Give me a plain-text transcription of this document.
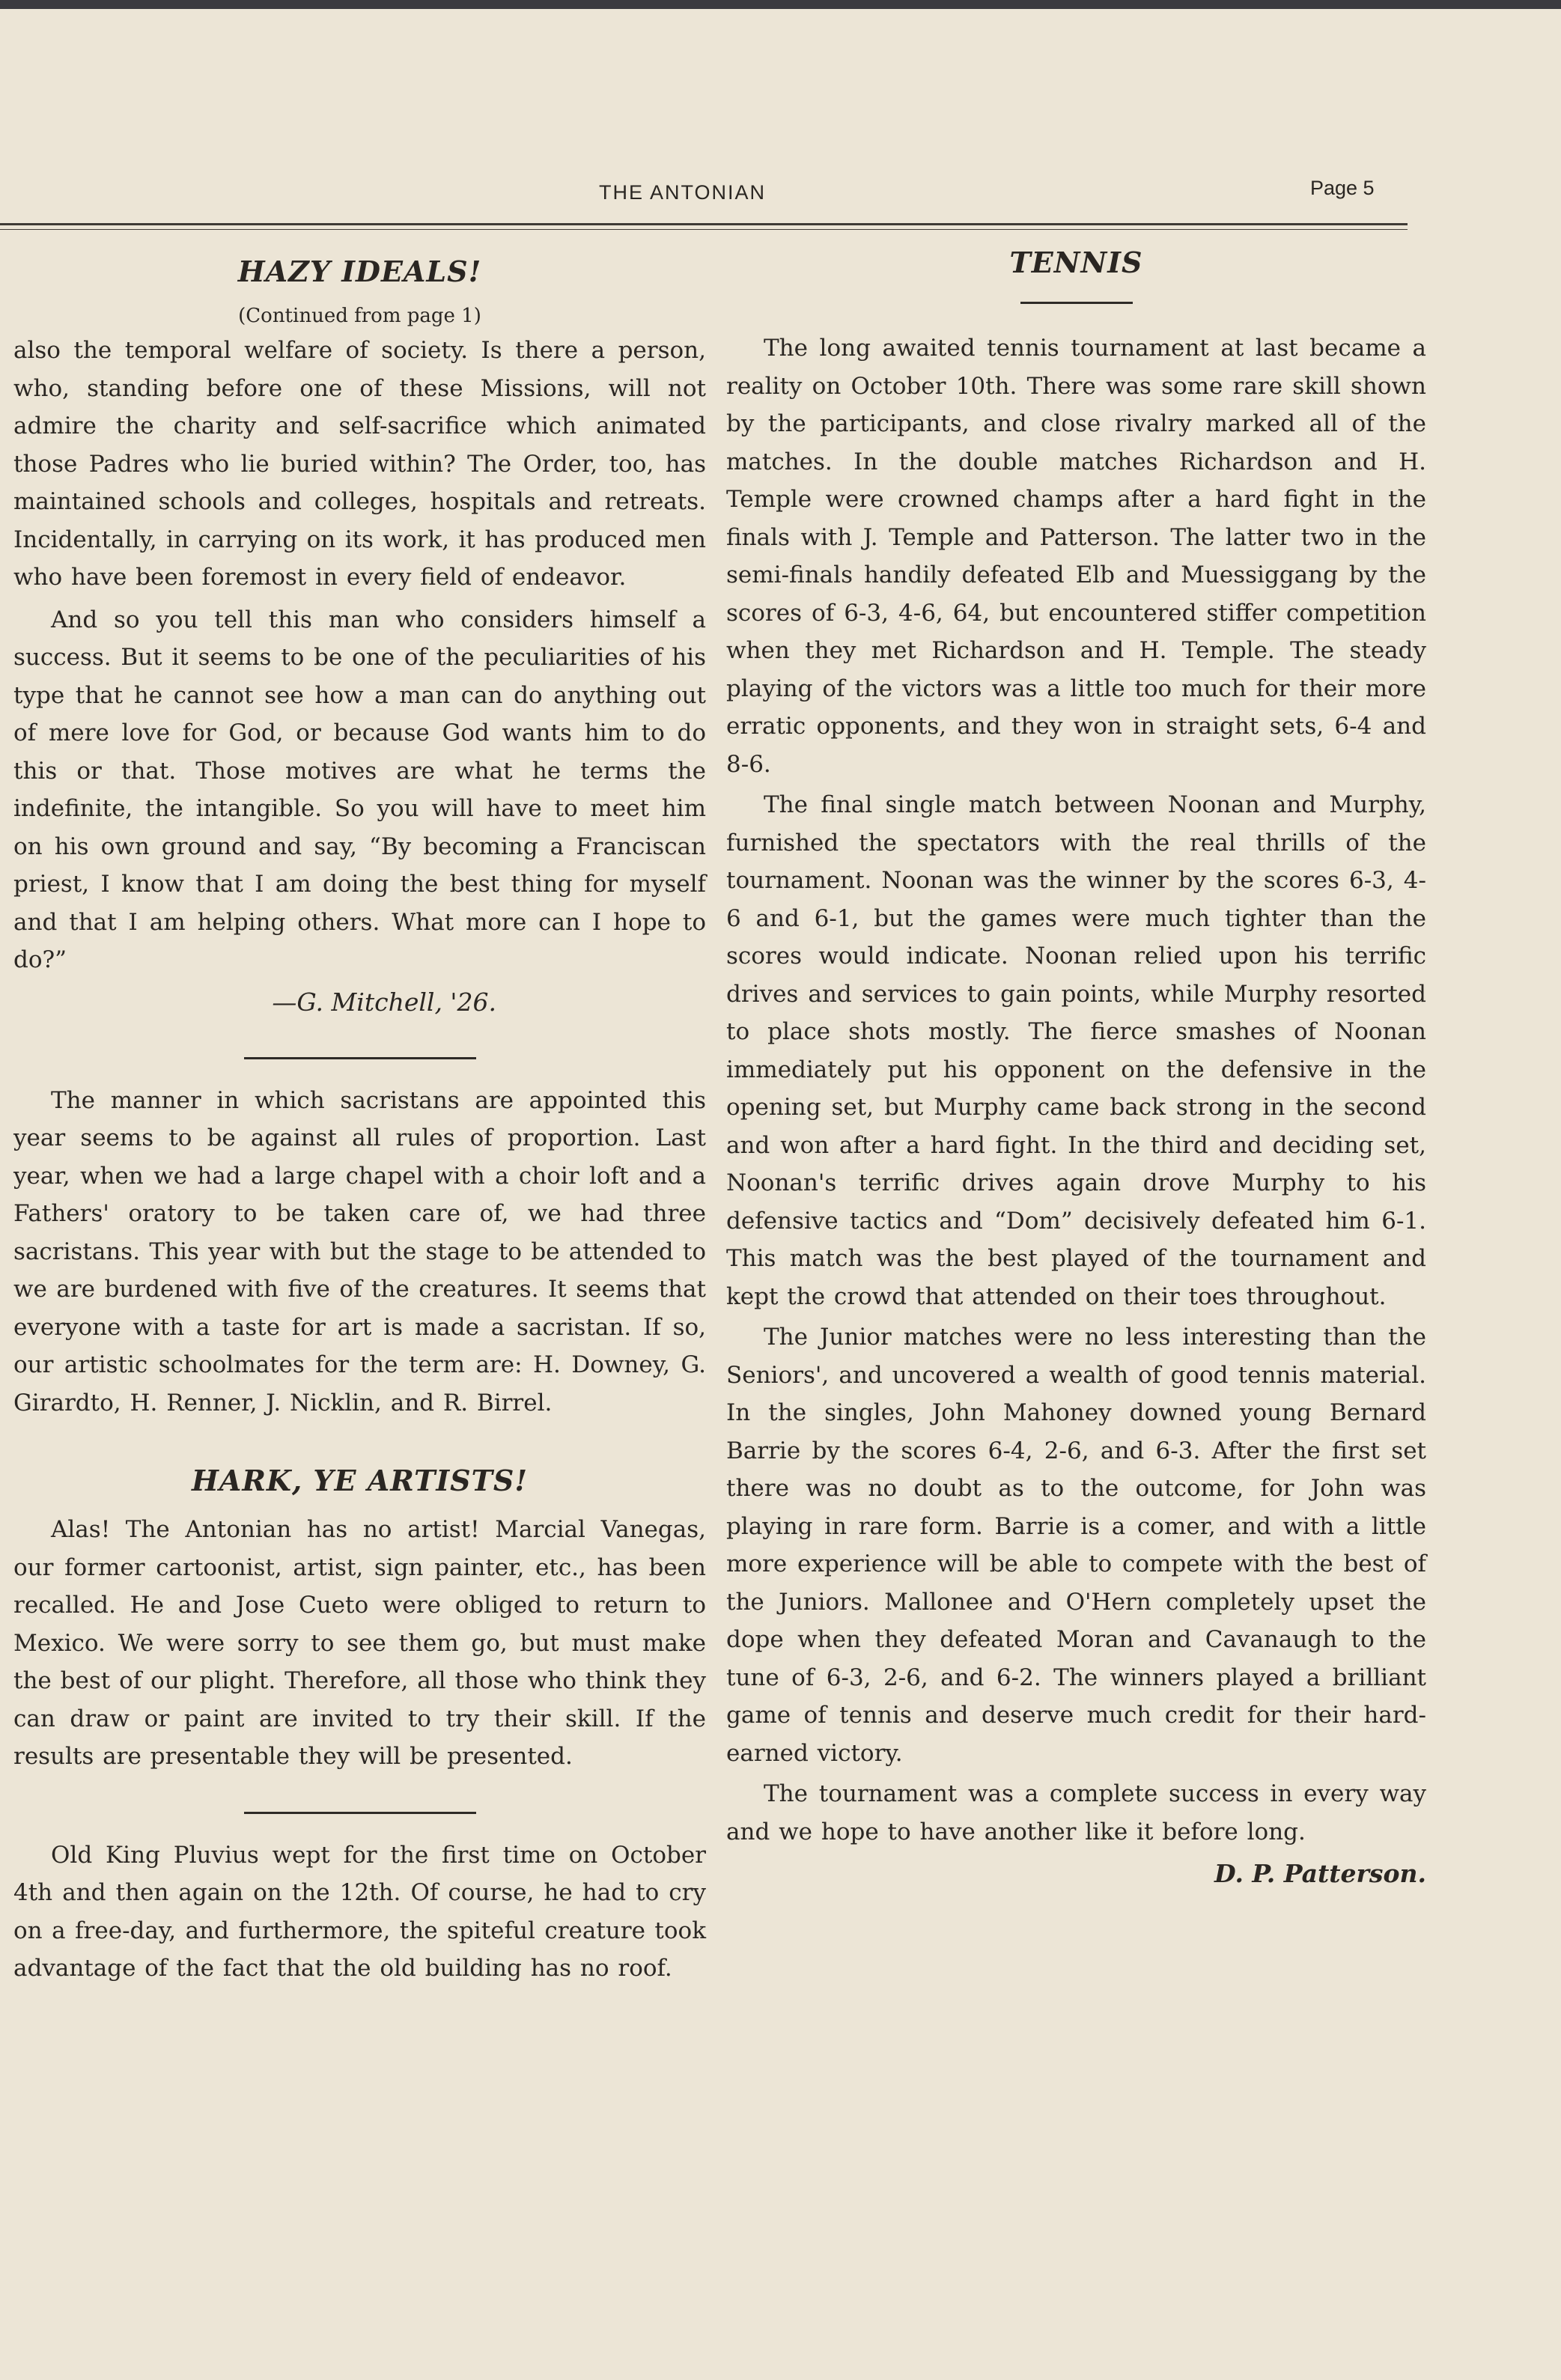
THE ANTONIAN	Page 5
HAZY IDEALS!
(Continued from page 1)

also the temporal welfare of society. Is there a person, who, standing before one of these Missions, will not admire the charity and self-sacrifice which animated those Padres who lie buried within? The Order, too, has maintained schools and colleges, hospitals and retreats. Incidentally, in carrying on its work, it has produced men who have been foremost in every field of endeavor.

And so you tell this man who considers himself a success. But it seems to be one of the peculiarities of his type that he cannot see how a man can do anything out of mere love for God, or because God wants him to do this or that. Those motives are what he terms the indefinite, the intangible. So you will have to meet him on his own ground and say, “By becoming a Franciscan priest, I know that I am doing the best thing for myself and that I am helping others. What more can I hope to do?”

—G. Mitchell, '26.

The manner in which sacristans are appointed this year seems to be against all rules of proportion. Last year, when we had a large chapel with a choir loft and a Fathers' oratory to be taken care of, we had three sacristans. This year with but the stage to be attended to we are burdened with five of the creatures. It seems that everyone with a taste for art is made a sacristan. If so, our artistic schoolmates for the term are: H. Downey, G. Girardto, H. Renner, J. Nicklin, and R. Birrel.

HARK, YE ARTISTS!

Alas! The Antonian has no artist! Marcial Vanegas, our former cartoonist, artist, sign painter, etc., has been recalled. He and Jose Cueto were obliged to return to Mexico. We were sorry to see them go, but must make the best of our plight. Therefore, all those who think they can draw or paint are invited to try their skill. If the results are presentable they will be presented.

Old King Pluvius wept for the first time on October 4th and then again on the 12th. Of course, he had to cry on a free-day, and furthermore, the spiteful creature took advantage of the fact that the old building has no roof.

TENNIS

The long awaited tennis tournament at last became a reality on October 10th. There was some rare skill shown by the participants, and close rivalry marked all of the matches. In the double matches Richardson and H. Temple were crowned champs after a hard fight in the finals with J. Temple and Patterson. The latter two in the semi-finals handily defeated Elb and Muessiggang by the scores of 6-3, 4-6, 64, but encountered stiffer competition when they met Richardson and H. Temple. The steady playing of the victors was a little too much for their more erratic opponents, and they won in straight sets, 6-4 and 8-6.

The final single match between Noonan and Murphy, furnished the spectators with the real thrills of the tournament. Noonan was the winner by the scores 6-3, 4-6 and 6-1, but the games were much tighter than the scores would indicate. Noonan relied upon his terrific drives and services to gain points, while Murphy resorted to place shots mostly. The fierce smashes of Noonan immediately put his opponent on the defensive in the opening set, but Murphy came back strong in the second and won after a hard fight. In the third and deciding set, Noonan's terrific drives again drove Murphy to his defensive tactics and “Dom” decisively defeated him 6-1. This match was the best played of the tournament and kept the crowd that attended on their toes throughout.

The Junior matches were no less interesting than the Seniors', and uncovered a wealth of good tennis material. In the singles, John Mahoney downed young Bernard Barrie by the scores 6-4, 2-6, and 6-3. After the first set there was no doubt as to the outcome, for John was playing in rare form. Barrie is a comer, and with a little more experience will be able to compete with the best of the Juniors. Mallonee and O'Hern completely upset the dope when they defeated Moran and Cavanaugh to the tune of 6-3, 2-6, and 6-2. The winners played a brilliant game of tennis and deserve much credit for their hard-earned victory.

The tournament was a complete success in every way and we hope to have another like it before long.

D. P. Patterson.
